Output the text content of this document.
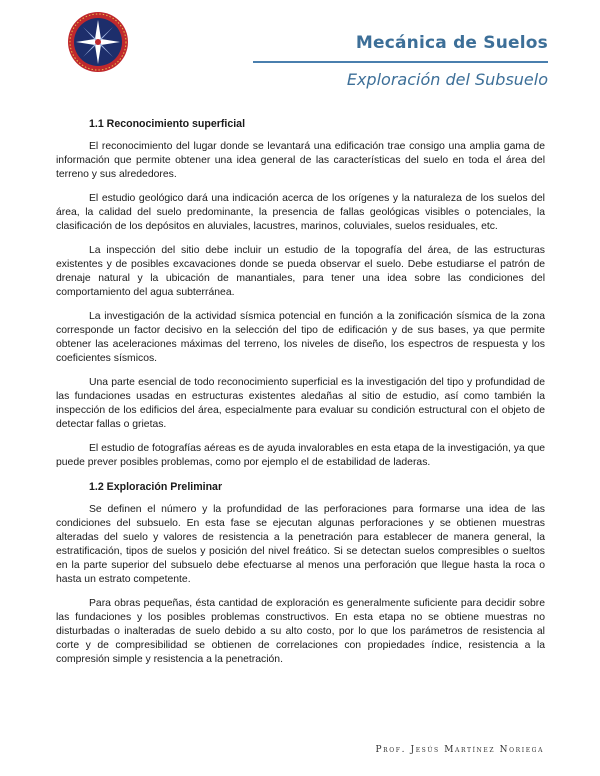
Mecánica de Suelos
Exploración del Subsuelo
1.1 Reconocimiento superficial

El reconocimiento del lugar donde se levantará una edificación trae consigo una amplia gama de información que permite obtener una idea general de las características del suelo en toda el área del terreno y sus alrededores.

El estudio geológico dará una indicación acerca de los orígenes y la naturaleza de los suelos del área, la calidad del suelo predominante, la presencia de fallas geológicas visibles o potenciales, la clasificación de los depósitos en aluviales, lacustres, marinos, coluviales, suelos residuales, etc.

La inspección del sitio debe incluir un estudio de la topografía del área, de las estructuras existentes y de posibles excavaciones donde se pueda observar el suelo. Debe estudiarse el patrón de drenaje natural y la ubicación de manantiales, para tener una idea sobre las condiciones del comportamiento del agua subterránea.

La investigación de la actividad sísmica potencial en función a la zonificación sísmica de la zona corresponde un factor decisivo en la selección del tipo de edificación y de sus bases, ya que permite obtener las aceleraciones máximas del terreno, los niveles de diseño, los espectros de respuesta y los coeficientes sísmicos.

Una parte esencial de todo reconocimiento superficial es la investigación del tipo y profundidad de las fundaciones usadas en estructuras existentes aledañas al sitio de estudio, así como también la inspección de los edificios del área, especialmente para evaluar su condición estructural con el objeto de detectar fallas o grietas.

El estudio de fotografías aéreas es de ayuda invalorables en esta etapa de la investigación, ya que puede prever posibles problemas, como por ejemplo el de estabilidad de laderas.

1.2 Exploración Preliminar

Se definen el número y la profundidad de las perforaciones para formarse una idea de las condiciones del subsuelo. En esta fase se ejecutan algunas perforaciones y se obtienen muestras alteradas del suelo y valores de resistencia a la penetración para establecer de manera general, la estratificación, tipos de suelos y posición del nivel freático. Si se detectan suelos compresibles o sueltos en la parte superior del subsuelo debe efectuarse al menos una perforación que llegue hasta la roca o hasta un estrato competente.

Para obras pequeñas, ésta cantidad de exploración es generalmente suficiente para decidir sobre las fundaciones y los posibles problemas constructivos. En esta etapa no se obtiene muestras no disturbadas o inalteradas de suelo debido a su alto costo, por lo que los parámetros de resistencia al corte y de compresibilidad se obtienen de correlaciones con propiedades índice, resistencia a la compresión simple y resistencia a la penetración.

Prof. Jesús Martínez Noriega
